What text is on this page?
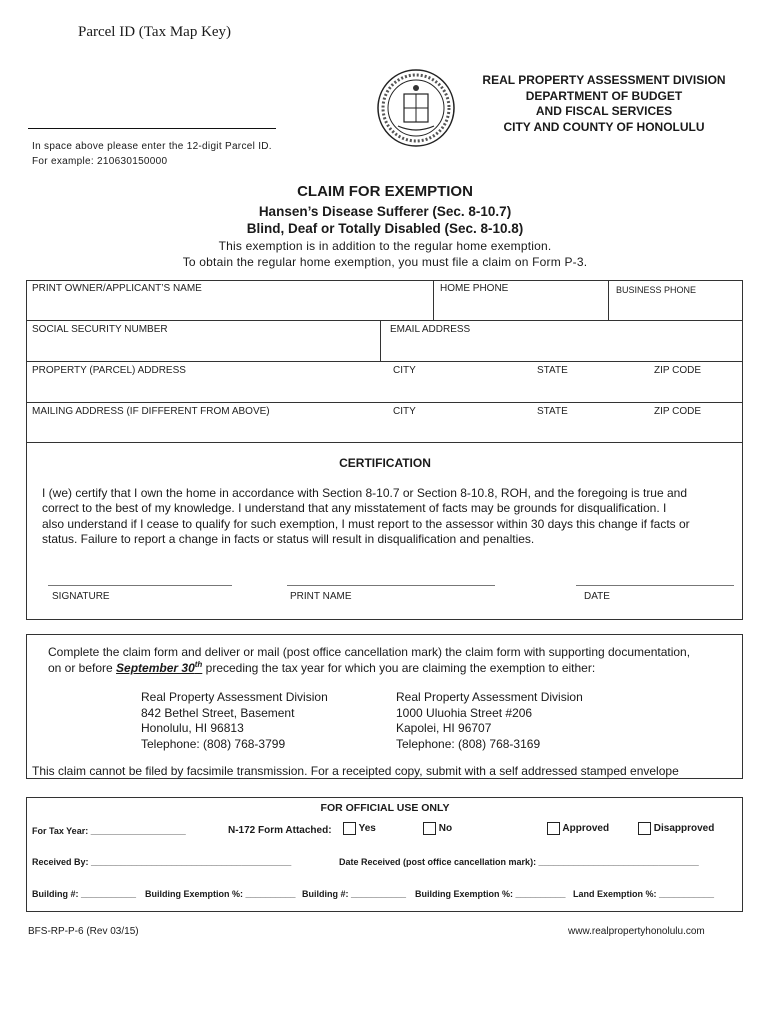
Parcel ID (Tax Map Key)
In space above please enter the 12-digit Parcel ID.
For example: 210630150000
REAL PROPERTY ASSESSMENT DIVISION
DEPARTMENT OF BUDGET
AND FISCAL SERVICES
CITY AND COUNTY OF HONOLULU
CLAIM FOR EXEMPTION
Hansen’s Disease Sufferer (Sec. 8-10.7)
Blind, Deaf or Totally Disabled (Sec. 8-10.8)
This exemption is in addition to the regular home exemption.
To obtain the regular home exemption, you must file a claim on Form P-3.
PRINT OWNER/APPLICANT’S NAME	HOME PHONE	BUSINESS PHONE
SOCIAL SECURITY NUMBER	EMAIL ADDRESS
PROPERTY (PARCEL) ADDRESS	CITY	STATE	ZIP CODE
MAILING ADDRESS (IF DIFFERENT FROM ABOVE)	CITY	STATE	ZIP CODE
CERTIFICATION
I (we) certify that I own the home in accordance with Section 8-10.7 or Section 8-10.8, ROH, and the foregoing is true and
correct to the best of my knowledge. I understand that any misstatement of facts may be grounds for disqualification. I
also understand if I cease to qualify for such exemption, I must report to the assessor within 30 days this change if facts or
status. Failure to report a change in facts or status will result in disqualification and penalties.
SIGNATURE	PRINT NAME	DATE
Complete the claim form and deliver or mail (post office cancellation mark) the claim form with supporting documentation,
on or before September 30th preceding the tax year for which you are claiming the exemption to either:
Real Property Assessment Division
842 Bethel Street, Basement
Honolulu, HI 96813
Telephone: (808) 768-3799
Real Property Assessment Division
1000 Uluohia Street #206
Kapolei, HI 96707
Telephone: (808) 768-3169
This claim cannot be filed by facsimile transmission. For a receipted copy, submit with a self addressed stamped envelope
FOR OFFICIAL USE ONLY
For Tax Year: ___________________	N-172 Form Attached:	Yes	No	Approved	Disapproved
Received By: ________________________________________	Date Received (post office cancellation mark): ________________________________
Building #: ___________ Building Exemption %: __________ Building #: ___________ Building Exemption %: __________ Land Exemption %: ___________
BFS-RP-P-6 (Rev 03/15)	www.realpropertyhonolulu.com
